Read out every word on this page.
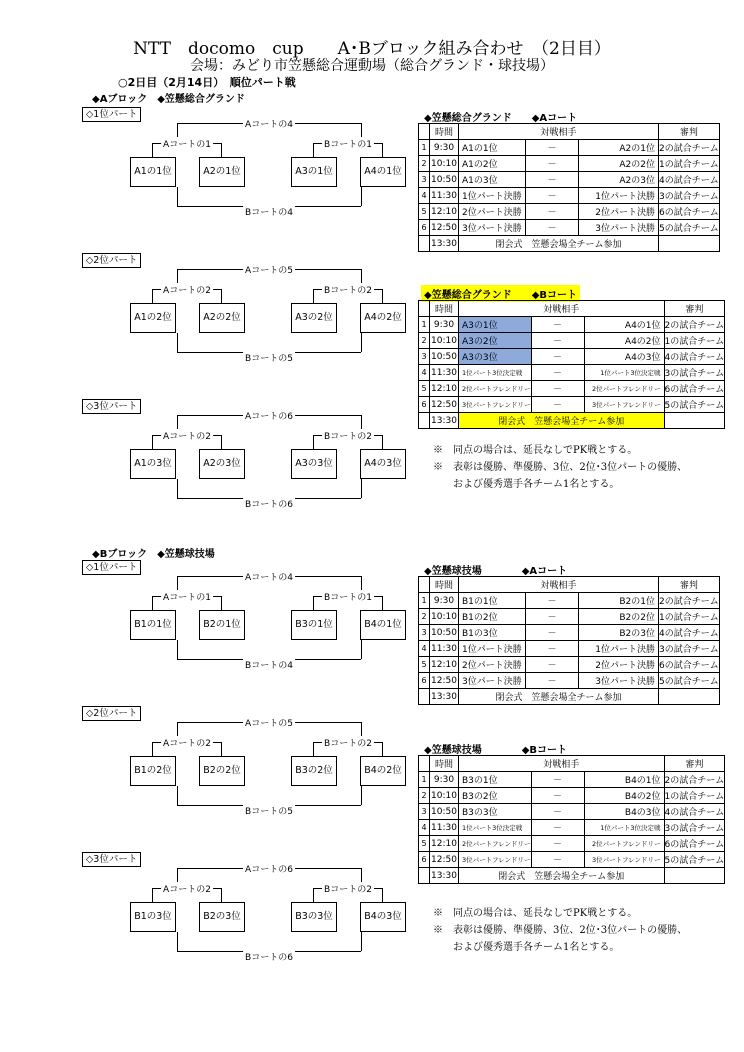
NTT　docomo　cup　　A･Bブロック組み合わせ　（2日目）
会場：みどり市笠懸総合運動場（総合グランド・球技場）
○2日目（2月14日）　順位パート戦
◆Aブロック　◆笠懸総合グランド
◆Bブロック　◆笠懸球技場
◇1位パート
Aコートの4
Aコートの1	Bコートの1
A1の1位	A2の1位	A3の1位	A4の1位
Bコートの4
◇2位パート
Aコートの5
Aコートの2	Bコートの2
A1の2位	A2の2位	A3の2位	A4の2位
Bコートの5
◇3位パート
Aコートの6
Aコートの2	Bコートの2
A1の3位	A2の3位	A3の3位	A4の3位
Bコートの6
◇1位パート
Aコートの4
Aコートの1	Bコートの1
B1の1位	B2の1位	B3の1位	B4の1位
Bコートの4
◇2位パート
Aコートの5
Aコートの2	Bコートの2
B1の2位	B2の2位	B3の2位	B4の2位
Bコートの5
◇3位パート
Aコートの6
Aコートの2	Bコートの2
B1の3位	B2の3位	B3の3位	B4の3位
Bコートの6
◆笠懸総合グランド　　◆Aコート
	時間	対戦相手			審判
1	9:30	A1の1位	－	A2の1位	2の試合チーム
2	10:10	A1の2位	－	A2の2位	1の試合チーム
3	10:50	A1の3位	－	A2の3位	4の試合チーム
4	11:30	1位パート決勝	－	1位パート決勝	3の試合チーム
5	12:10	2位パート決勝	－	2位パート決勝	6の試合チーム
6	12:50	3位パート決勝	－	3位パート決勝	5の試合チーム
	13:30	閉会式　笠懸会場全チーム参加			
◆笠懸総合グランド　　◆Bコート
	時間	対戦相手			審判
1	9:30	A3の1位	－	A4の1位	2の試合チーム
2	10:10	A3の2位	－	A4の2位	1の試合チーム
3	10:50	A3の3位	－	A4の3位	4の試合チーム
4	11:30	1位パート3位決定戦	－	1位パート3位決定戦	3の試合チーム
5	12:10	2位パートフレンドリー	－	2位パートフレンドリー	6の試合チーム
6	12:50	3位パートフレンドリー	－	3位パートフレンドリー	5の試合チーム
	13:30	閉会式　笠懸会場全チーム参加			
◆笠懸球技場　　　　◆Aコート
	時間	対戦相手			審判
1	9:30	B1の1位	－	B2の1位	2の試合チーム
2	10:10	B1の2位	－	B2の2位	1の試合チーム
3	10:50	B1の3位	－	B2の3位	4の試合チーム
4	11:30	1位パート決勝	－	1位パート決勝	3の試合チーム
5	12:10	2位パート決勝	－	2位パート決勝	6の試合チーム
6	12:50	3位パート決勝	－	3位パート決勝	5の試合チーム
	13:30	閉会式　笠懸会場全チーム参加			
◆笠懸球技場　　　　◆Bコート
	時間	対戦相手			審判
1	9:30	B3の1位	－	B4の1位	2の試合チーム
2	10:10	B3の2位	－	B4の2位	1の試合チーム
3	10:50	B3の3位	－	B4の3位	4の試合チーム
4	11:30	1位パート3位決定戦	－	1位パート3位決定戦	3の試合チーム
5	12:10	2位パートフレンドリー	－	2位パートフレンドリー	6の試合チーム
6	12:50	3位パートフレンドリー	－	3位パートフレンドリー	5の試合チーム
	13:30	閉会式　笠懸会場全チーム参加			
※　同点の場合は、延長なしでPK戦とする。
※　表彰は優勝、準優勝、3位、2位･3位パートの優勝、
　　および優秀選手各チーム1名とする。
※　同点の場合は、延長なしでPK戦とする。
※　表彰は優勝、準優勝、3位、2位･3位パートの優勝、
　　および優秀選手各チーム1名とする。
